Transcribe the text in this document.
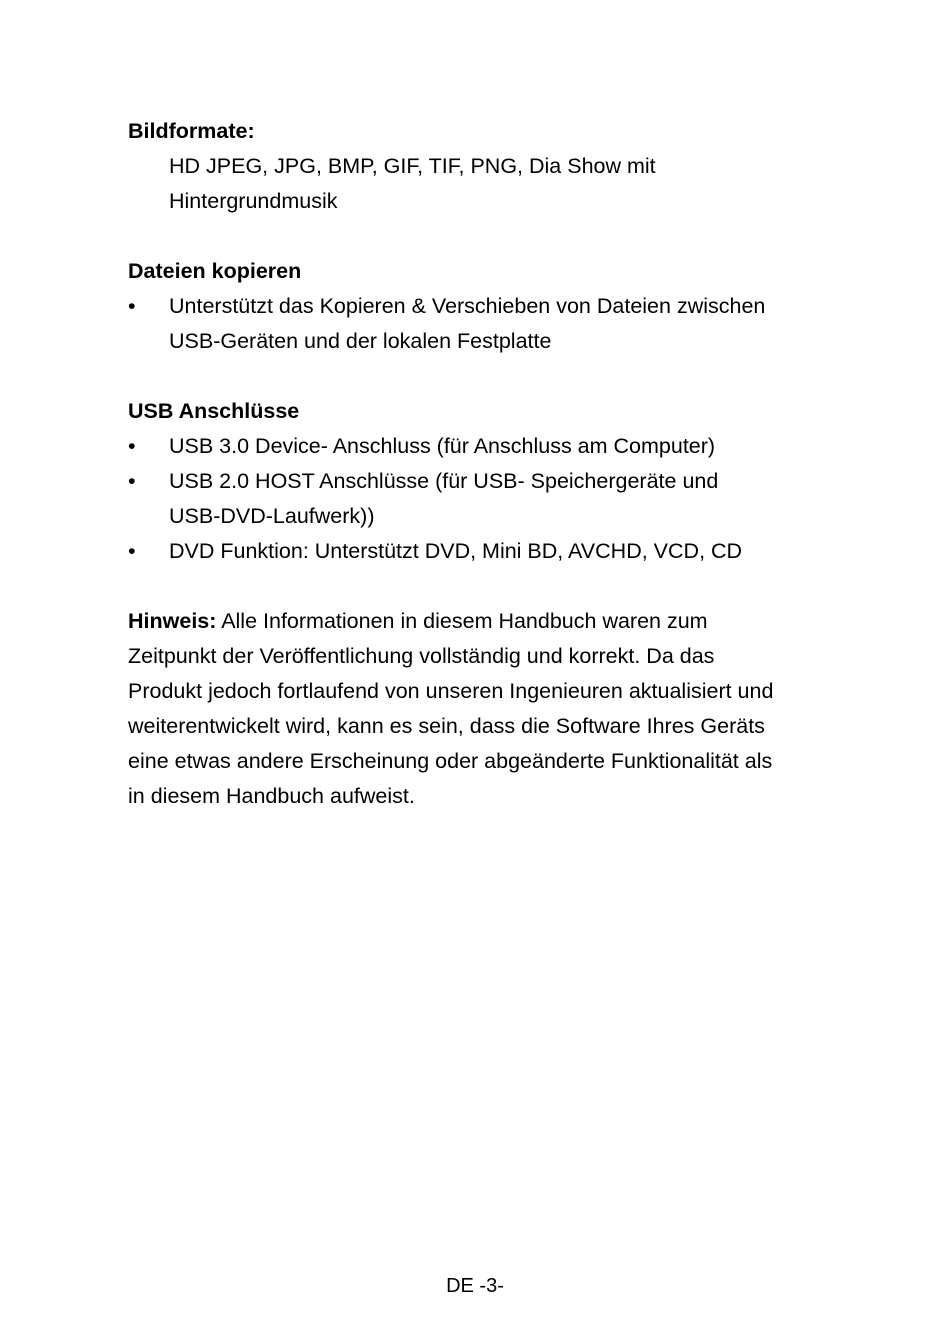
Bildformate:
HD JPEG, JPG, BMP, GIF, TIF, PNG, Dia Show mit
Hintergrundmusik
Dateien kopieren
• Unterstützt das Kopieren & Verschieben von Dateien zwischen
USB-Geräten und der lokalen Festplatte
USB Anschlüsse
• USB 3.0 Device- Anschluss (für Anschluss am Computer)
• USB 2.0 HOST Anschlüsse (für USB- Speichergeräte und
USB-DVD-Laufwerk))
• DVD Funktion: Unterstützt DVD, Mini BD, AVCHD, VCD, CD
Hinweis: Alle Informationen in diesem Handbuch waren zum
Zeitpunkt der Veröffentlichung vollständig und korrekt. Da das
Produkt jedoch fortlaufend von unseren Ingenieuren aktualisiert und
weiterentwickelt wird, kann es sein, dass die Software Ihres Geräts
eine etwas andere Erscheinung oder abgeänderte Funktionalität als
in diesem Handbuch aufweist.
DE -3-
